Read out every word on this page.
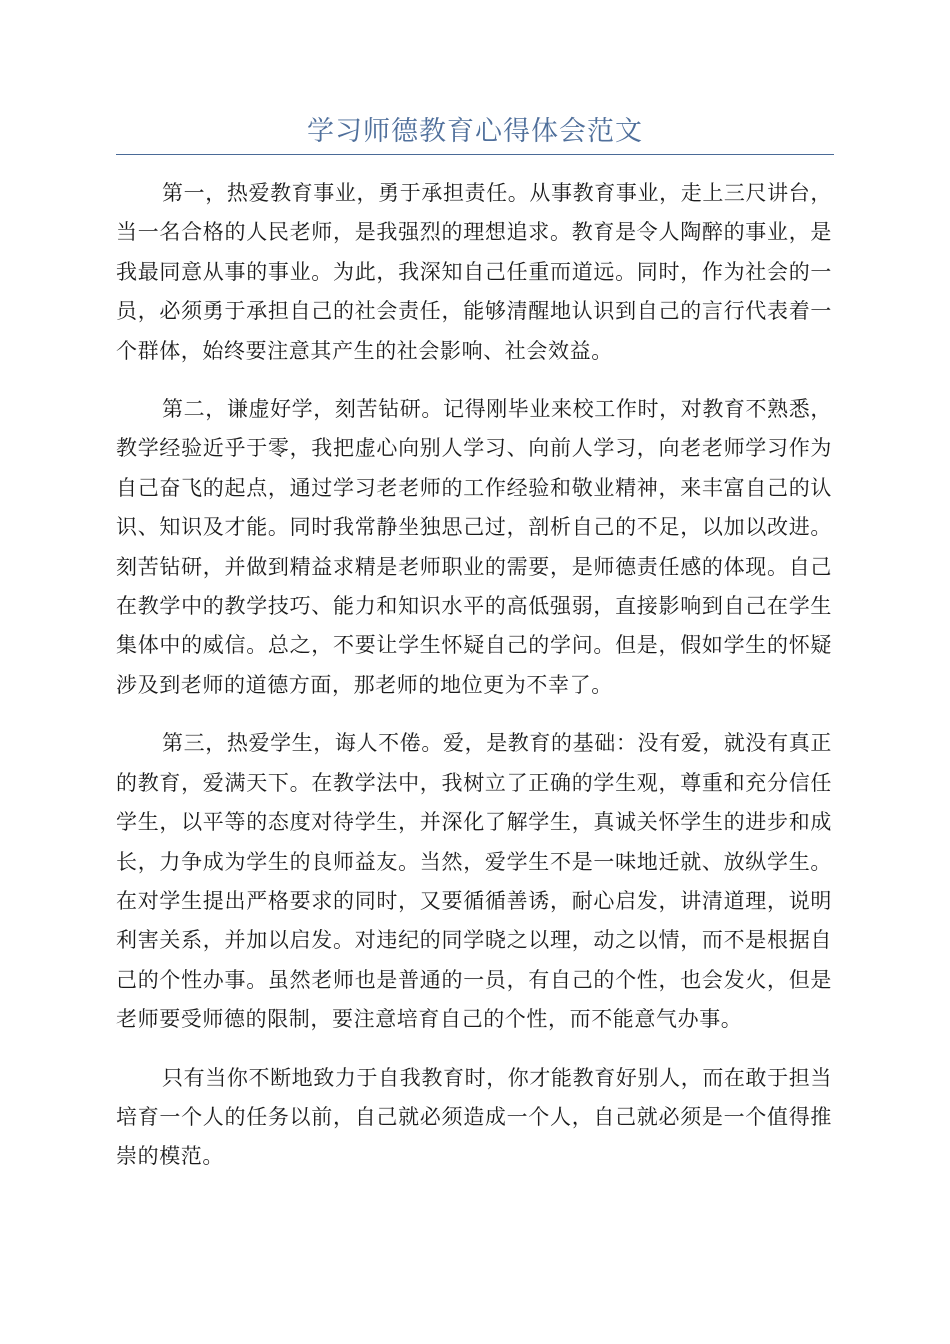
学习师德教育心得体会范文

第一，热爱教育事业，勇于承担责任。从事教育事业，走上三尺讲台，当一名合格的人民老师，是我强烈的理想追求。教育是令人陶醉的事业，是我最同意从事的事业。为此，我深知自己任重而道远。同时，作为社会的一员，必须勇于承担自己的社会责任，能够清醒地认识到自己的言行代表着一个群体，始终要注意其产生的社会影响、社会效益。

第二，谦虚好学，刻苦钻研。记得刚毕业来校工作时，对教育不熟悉，教学经验近乎于零，我把虚心向别人学习、向前人学习，向老老师学习作为自己奋飞的起点，通过学习老老师的工作经验和敬业精神，来丰富自己的认识、知识及才能。同时我常静坐独思己过，剖析自己的不足，以加以改进。刻苦钻研，并做到精益求精是老师职业的需要，是师德责任感的体现。自己在教学中的教学技巧、能力和知识水平的高低强弱，直接影响到自己在学生集体中的威信。总之，不要让学生怀疑自己的学问。但是，假如学生的怀疑涉及到老师的道德方面，那老师的地位更为不幸了。

第三，热爱学生，诲人不倦。爱，是教育的基础：没有爱，就没有真正的教育，爱满天下。在教学法中，我树立了正确的学生观，尊重和充分信任学生，以平等的态度对待学生，并深化了解学生，真诚关怀学生的进步和成长，力争成为学生的良师益友。当然，爱学生不是一味地迁就、放纵学生。在对学生提出严格要求的同时，又要循循善诱，耐心启发，讲清道理，说明利害关系，并加以启发。对违纪的同学晓之以理，动之以情，而不是根据自己的个性办事。虽然老师也是普通的一员，有自己的个性，也会发火，但是老师要受师德的限制，要注意培育自己的个性，而不能意气办事。

只有当你不断地致力于自我教育时，你才能教育好别人，而在敢于担当培育一个人的任务以前，自己就必须造成一个人，自己就必须是一个值得推崇的模范。
